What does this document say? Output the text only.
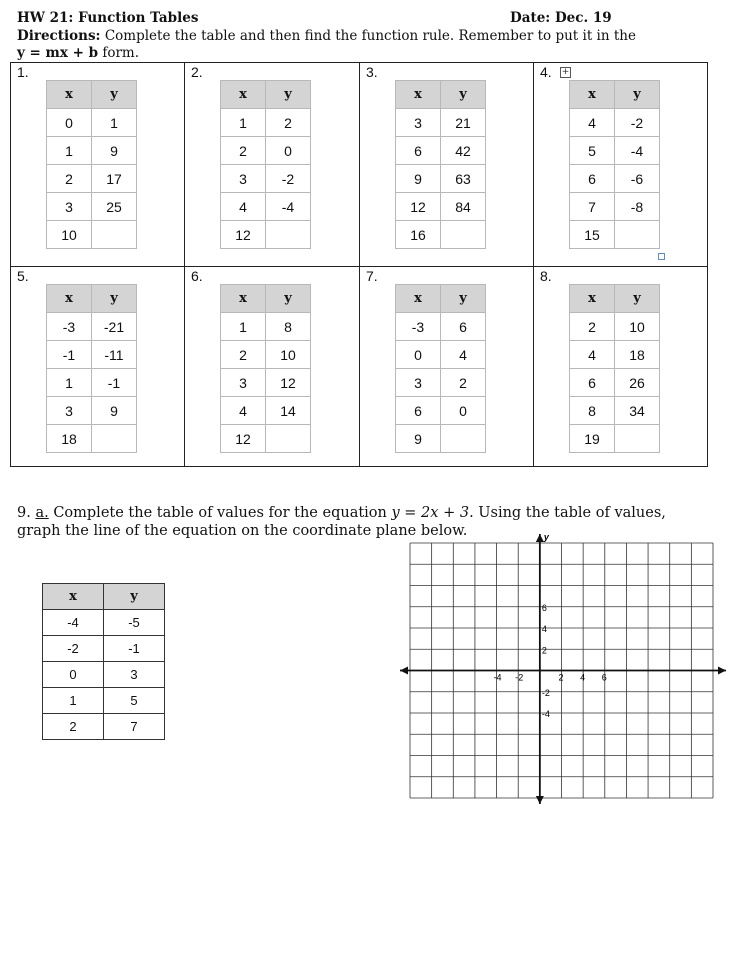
HW 21: Function Tables	Date: Dec. 19
Directions: Complete the table and then find the function rule. Remember to put it in the
y = mx + b form.
1.
x	y
0	1
1	9
2	17
3	25
10	
2.
x	y
1	2
2	0
3	-2
4	-4
12	
3.
x	y
3	21
6	42
9	63
12	84
16	
4.
x	y
4	-2
5	-4
6	-6
7	-8
15	
5.
x	y
-3	-21
-1	-11
1	-1
3	9
18	
6.
x	y
1	8
2	10
3	12
4	14
12	
7.
x	y
-3	6
0	4
3	2
6	0
9	
8.
x	y
2	10
4	18
6	26
8	34
19	
+
9. a. Complete the table of values for the equation y = 2x + 3. Using the table of values,
graph the line of the equation on the coordinate plane below.
x	y
-4	-5
-2	-1
0	3
1	5
2	7
y
-4 -2	2 4 6
6
4
2
-2
-4
